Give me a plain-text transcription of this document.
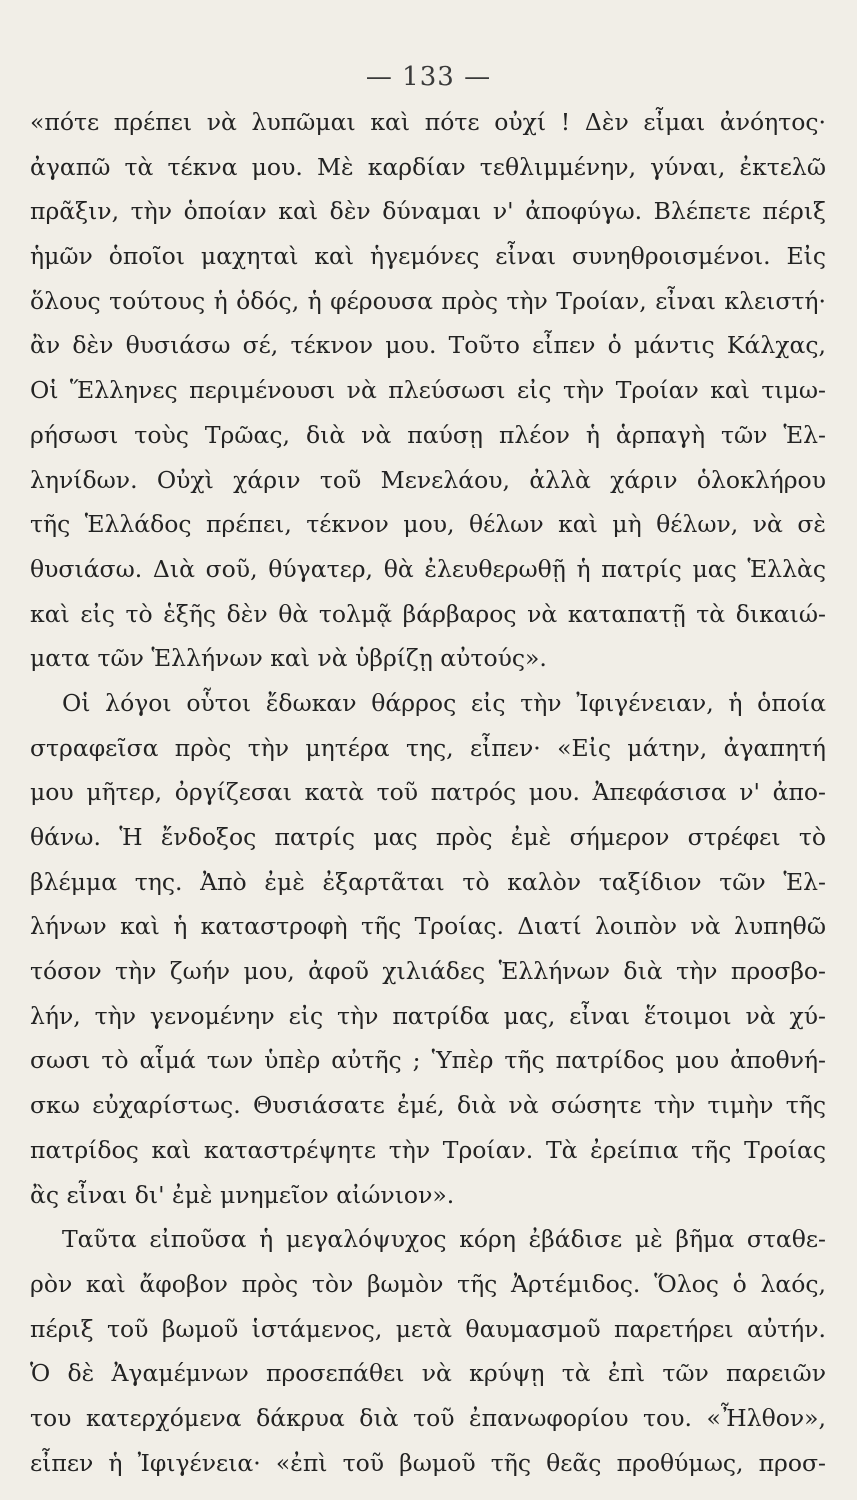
— 133 —
«πότε πρέπει νὰ λυπῶμαι καὶ πότε οὐχί ! Δὲν εἶμαι ἀνόητος·
ἀγαπῶ τὰ τέκνα μου. Μὲ καρδίαν τεθλιμμένην, γύναι, ἐκτελῶ
πρᾶξιν, τὴν ὁποίαν καὶ δὲν δύναμαι ν' ἀποφύγω. Βλέπετε πέριξ
ἡμῶν ὁποῖοι μαχηταὶ καὶ ἡγεμόνες εἶναι συνηθροισμένοι. Εἰς
ὅλους τούτους ἡ ὁδός, ἡ φέρουσα πρὸς τὴν Τροίαν, εἶναι κλειστή·
ἂν δὲν θυσιάσω σέ, τέκνον μου. Τοῦτο εἶπεν ὁ μάντις Κάλχας,
Οἱ Ἕλληνες περιμένουσι νὰ πλεύσωσι εἰς τὴν Τροίαν καὶ τιμω-
ρήσωσι τοὺς Τρῶας, διὰ νὰ παύσῃ πλέον ἡ ἁρπαγὴ τῶν Ἑλ-
ληνίδων. Οὐχὶ χάριν τοῦ Μενελάου, ἀλλὰ χάριν ὁλοκλήρου
τῆς Ἑλλάδος πρέπει, τέκνον μου, θέλων καὶ μὴ θέλων, νὰ σὲ
θυσιάσω. Διὰ σοῦ, θύγατερ, θὰ ἐλευθερωθῇ ἡ πατρίς μας Ἑλλὰς
καὶ εἰς τὸ ἑξῆς δὲν θὰ τολμᾷ βάρβαρος νὰ καταπατῇ τὰ δικαιώ-
ματα τῶν Ἑλλήνων καὶ νὰ ὑβρίζῃ αὐτούς».
Οἱ λόγοι οὗτοι ἔδωκαν θάρρος εἰς τὴν Ἰφιγένειαν, ἡ ὁποία
στραφεῖσα πρὸς τὴν μητέρα της, εἶπεν· «Εἰς μάτην, ἀγαπητή
μου μῆτερ, ὀργίζεσαι κατὰ τοῦ πατρός μου. Ἀπεφάσισα ν' ἀπο-
θάνω. Ἡ ἔνδοξος πατρίς μας πρὸς ἐμὲ σήμερον στρέφει τὸ
βλέμμα της. Ἀπὸ ἐμὲ ἐξαρτᾶται τὸ καλὸν ταξίδιον τῶν Ἑλ-
λήνων καὶ ἡ καταστροφὴ τῆς Τροίας. Διατί λοιπὸν νὰ λυπηθῶ
τόσον τὴν ζωήν μου, ἀφοῦ χιλιάδες Ἑλλήνων διὰ τὴν προσβο-
λήν, τὴν γενομένην εἰς τὴν πατρίδα μας, εἶναι ἕτοιμοι νὰ χύ-
σωσι τὸ αἷμά των ὑπὲρ αὐτῆς ; Ὑπὲρ τῆς πατρίδος μου ἀποθνή-
σκω εὐχαρίστως. Θυσιάσατε ἐμέ, διὰ νὰ σώσητε τὴν τιμὴν τῆς
πατρίδος καὶ καταστρέψητε τὴν Τροίαν. Τὰ ἐρείπια τῆς Τροίας
ἂς εἶναι δι' ἐμὲ μνημεῖον αἰώνιον».
Ταῦτα εἰποῦσα ἡ μεγαλόψυχος κόρη ἐβάδισε μὲ βῆμα σταθε-
ρὸν καὶ ἄφοβον πρὸς τὸν βωμὸν τῆς Ἀρτέμιδος. Ὅλος ὁ λαός,
πέριξ τοῦ βωμοῦ ἱστάμενος, μετὰ θαυμασμοῦ παρετήρει αὐτήν.
Ὁ δὲ Ἀγαμέμνων προσεπάθει νὰ κρύψῃ τὰ ἐπὶ τῶν παρειῶν
του κατερχόμενα δάκρυα διὰ τοῦ ἐπανωφορίου του. «Ἦλθον»,
εἶπεν ἡ Ἰφιγένεια· «ἐπὶ τοῦ βωμοῦ τῆς θεᾶς προθύμως, προσ-
